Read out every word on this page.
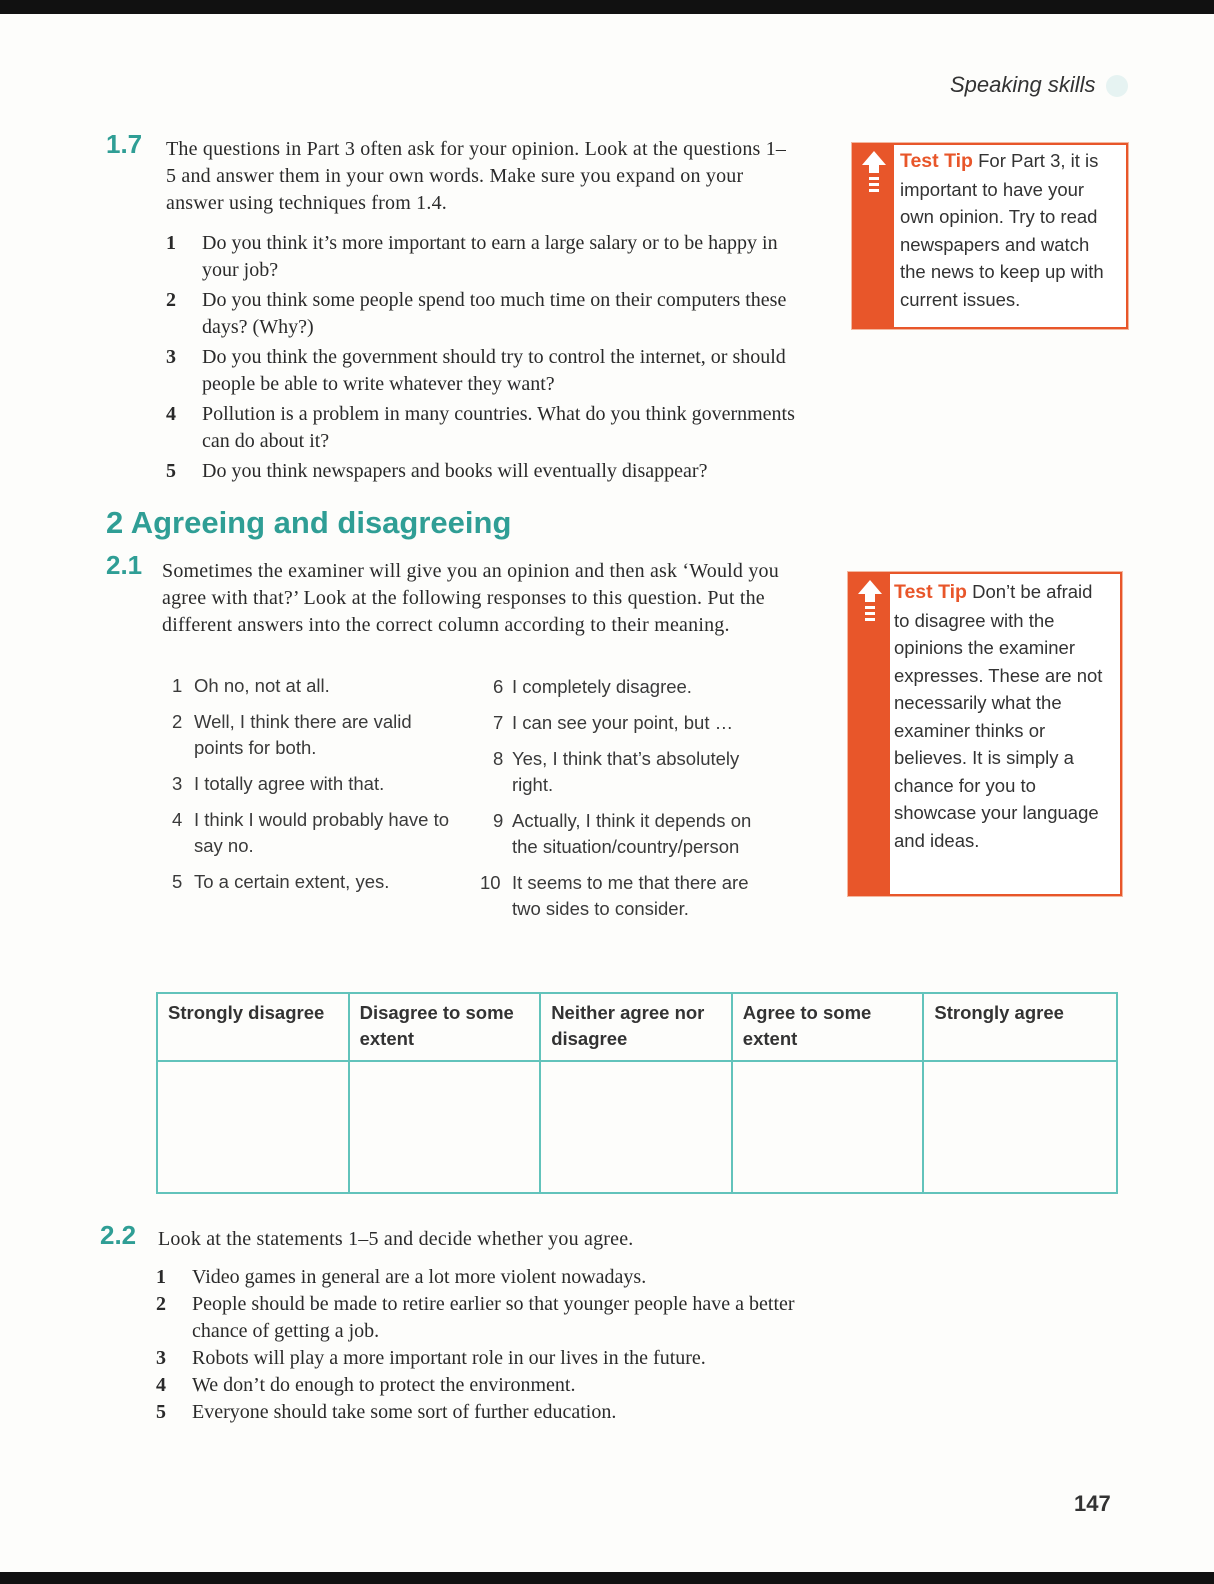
Speaking skills
1.7 The questions in Part 3 often ask for your opinion. Look at the questions 1–5 and answer them in your own words. Make sure you expand on your answer using techniques from 1.4.
1 Do you think it’s more important to earn a large salary or to be happy in your job?
2 Do you think some people spend too much time on their computers these days? (Why?)
3 Do you think the government should try to control the internet, or should people be able to write whatever they want?
4 Pollution is a problem in many countries. What do you think governments can do about it?
5 Do you think newspapers and books will eventually disappear?
Test Tip For Part 3, it is important to have your own opinion. Try to read newspapers and watch the news to keep up with current issues.
2 Agreeing and disagreeing
2.1 Sometimes the examiner will give you an opinion and then ask ‘Would you agree with that?’ Look at the following responses to this question. Put the different answers into the correct column according to their meaning.
1 Oh no, not at all.
2 Well, I think there are valid points for both.
3 I totally agree with that.
4 I think I would probably have to say no.
5 To a certain extent, yes.
6 I completely disagree.
7 I can see your point, but …
8 Yes, I think that’s absolutely right.
9 Actually, I think it depends on the situation/country/person
10 It seems to me that there are two sides to consider.
Test Tip Don’t be afraid to disagree with the opinions the examiner expresses. These are not necessarily what the examiner thinks or believes. It is simply a chance for you to showcase your language and ideas.
Strongly disagree	Disagree to some extent
Neither agree nor disagree
Agree to some extent
Strongly agree
2.2 Look at the statements 1–5 and decide whether you agree.
1 Video games in general are a lot more violent nowadays.
2 People should be made to retire earlier so that younger people have a better chance of getting a job.
3 Robots will play a more important role in our lives in the future.
4 We don’t do enough to protect the environment.
5 Everyone should take some sort of further education.
147
